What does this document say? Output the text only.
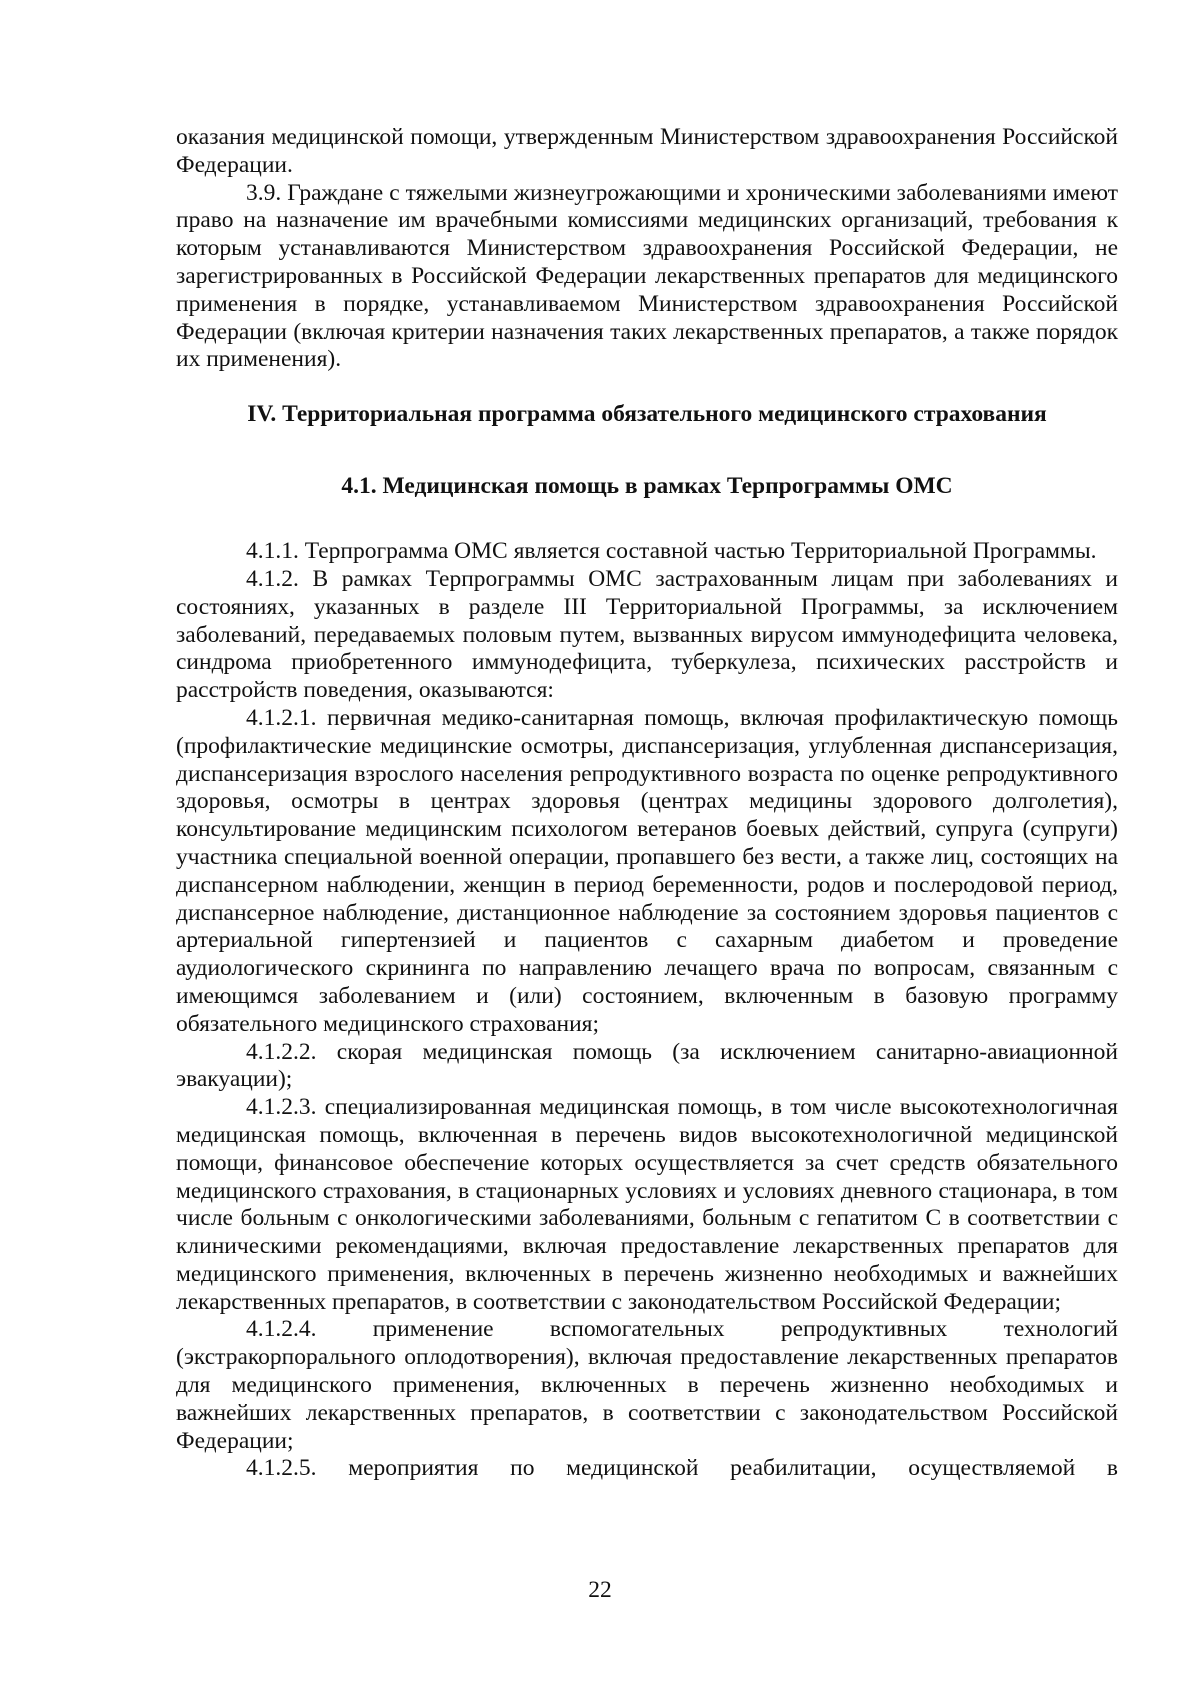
оказания медицинской помощи, утвержденным Министерством здравоохранения Российской Федерации.

3.9. Граждане с тяжелыми жизнеугрожающими и хроническими заболеваниями имеют право на назначение им врачебными комиссиями медицинских организаций, требования к которым устанавливаются Министерством здравоохранения Российской Федерации, не зарегистрированных в Российской Федерации лекарственных препаратов для медицинского применения в порядке, устанавливаемом Министерством здравоохранения Российской Федерации (включая критерии назначения таких лекарственных препаратов, а также порядок их применения).

IV. Территориальная программа обязательного медицинского страхования
4.1. Медицинская помощь в рамках Терпрограммы ОМС

4.1.1. Терпрограмма ОМС является составной частью Территориальной Программы.

4.1.2. В рамках Терпрограммы ОМС застрахованным лицам при заболеваниях и состояниях, указанных в разделе III Территориальной Программы, за исключением заболеваний, передаваемых половым путем, вызванных вирусом иммунодефицита человека, синдрома приобретенного иммунодефицита, туберкулеза, психических расстройств и расстройств поведения, оказываются:

4.1.2.1. первичная медико-санитарная помощь, включая профилактическую помощь (профилактические медицинские осмотры, диспансеризация, углубленная диспансеризация, диспансеризация взрослого населения репродуктивного возраста по оценке репродуктивного здоровья, осмотры в центрах здоровья (центрах медицины здорового долголетия), консультирование медицинским психологом ветеранов боевых действий, супруга (супруги) участника специальной военной операции, пропавшего без вести, а также лиц, состоящих на диспансерном наблюдении, женщин в период беременности, родов и послеродовой период, диспансерное наблюдение, дистанционное наблюдение за состоянием здоровья пациентов с артериальной гипертензией и пациентов с сахарным диабетом и проведение аудиологического скрининга по направлению лечащего врача по вопросам, связанным с имеющимся заболеванием и (или) состоянием, включенным в базовую программу обязательного медицинского страхования;

4.1.2.2. скорая медицинская помощь (за исключением санитарно-авиационной эвакуации);

4.1.2.3. специализированная медицинская помощь, в том числе высокотехнологичная медицинская помощь, включенная в перечень видов высокотехнологичной медицинской помощи, финансовое обеспечение которых осуществляется за счет средств обязательного медицинского страхования, в стационарных условиях и условиях дневного стационара, в том числе больным с онкологическими заболеваниями, больным с гепатитом С в соответствии с клиническими рекомендациями, включая предоставление лекарственных препаратов для медицинского применения, включенных в перечень жизненно необходимых и важнейших лекарственных препаратов, в соответствии с законодательством Российской Федерации;

4.1.2.4. применение вспомогательных репродуктивных технологий (экстракорпорального оплодотворения), включая предоставление лекарственных препаратов для медицинского применения, включенных в перечень жизненно необходимых и важнейших лекарственных препаратов, в соответствии с законодательством Российской Федерации;

4.1.2.5. мероприятия по медицинской реабилитации, осуществляемой в

22
